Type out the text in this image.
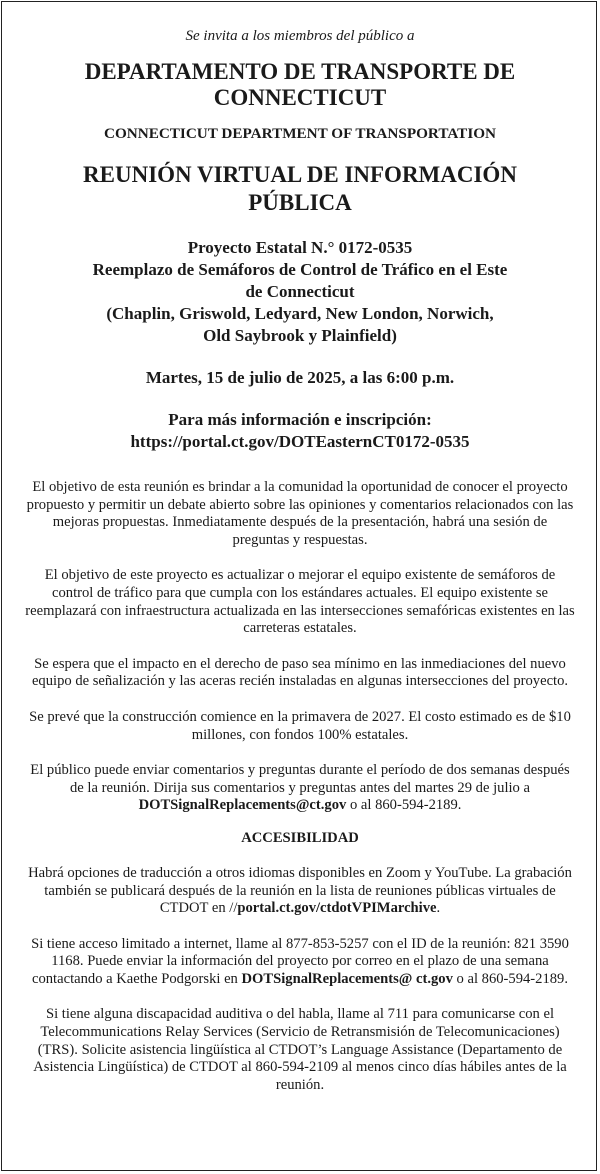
Se invita a los miembros del público a
DEPARTAMENTO DE TRANSPORTE DE
CONNECTICUT
CONNECTICUT DEPARTMENT OF TRANSPORTATION
REUNIÓN VIRTUAL DE INFORMACIÓN
PÚBLICA
Proyecto Estatal N.° 0172-0535
Reemplazo de Semáforos de Control de Tráfico en el Este
de Connecticut
(Chaplin, Griswold, Ledyard, New London, Norwich,
Old Saybrook y Plainfield)
Martes, 15 de julio de 2025, a las 6:00 p.m.
Para más información e inscripción:
https://portal.ct.gov/DOTEasternCT0172-0535
El objetivo de esta reunión es brindar a la comunidad la oportunidad de conocer el proyecto propuesto y permitir un debate abierto sobre las opiniones y comentarios relacionados con las mejoras propuestas. Inmediatamente después de la presentación, habrá una sesión de preguntas y respuestas.
El objetivo de este proyecto es actualizar o mejorar el equipo existente de semáforos de control de tráfico para que cumpla con los estándares actuales. El equipo existente se reemplazará con infraestructura actualizada en las intersecciones semafóricas existentes en las carreteras estatales.
Se espera que el impacto en el derecho de paso sea mínimo en las inmediaciones del nuevo equipo de señalización y las aceras recién instaladas en algunas intersecciones del proyecto.
Se prevé que la construcción comience en la primavera de 2027. El costo estimado es de $10 millones, con fondos 100% estatales.
El público puede enviar comentarios y preguntas durante el período de dos semanas después de la reunión. Dirija sus comentarios y preguntas antes del martes 29 de julio a DOTSignalReplacements@ct.gov o al 860-594-2189.
ACCESIBILIDAD
Habrá opciones de traducción a otros idiomas disponibles en Zoom y YouTube. La grabación también se publicará después de la reunión en la lista de reuniones públicas virtuales de CTDOT en //portal.ct.gov/ctdotVPIMarchive.
Si tiene acceso limitado a internet, llame al 877-853-5257 con el ID de la reunión: 821 3590 1168. Puede enviar la información del proyecto por correo en el plazo de una semana contactando a Kaethe Podgorski en DOTSignalReplacements@ ct.gov o al 860-594-2189.
Si tiene alguna discapacidad auditiva o del habla, llame al 711 para comunicarse con el Telecommunications Relay Services (Servicio de Retransmisión de Telecomunicaciones) (TRS). Solicite asistencia lingüística al CTDOT’s Language Assistance (Departamento de Asistencia Lingüística) de CTDOT al 860-594-2109 al menos cinco días hábiles antes de la reunión.
